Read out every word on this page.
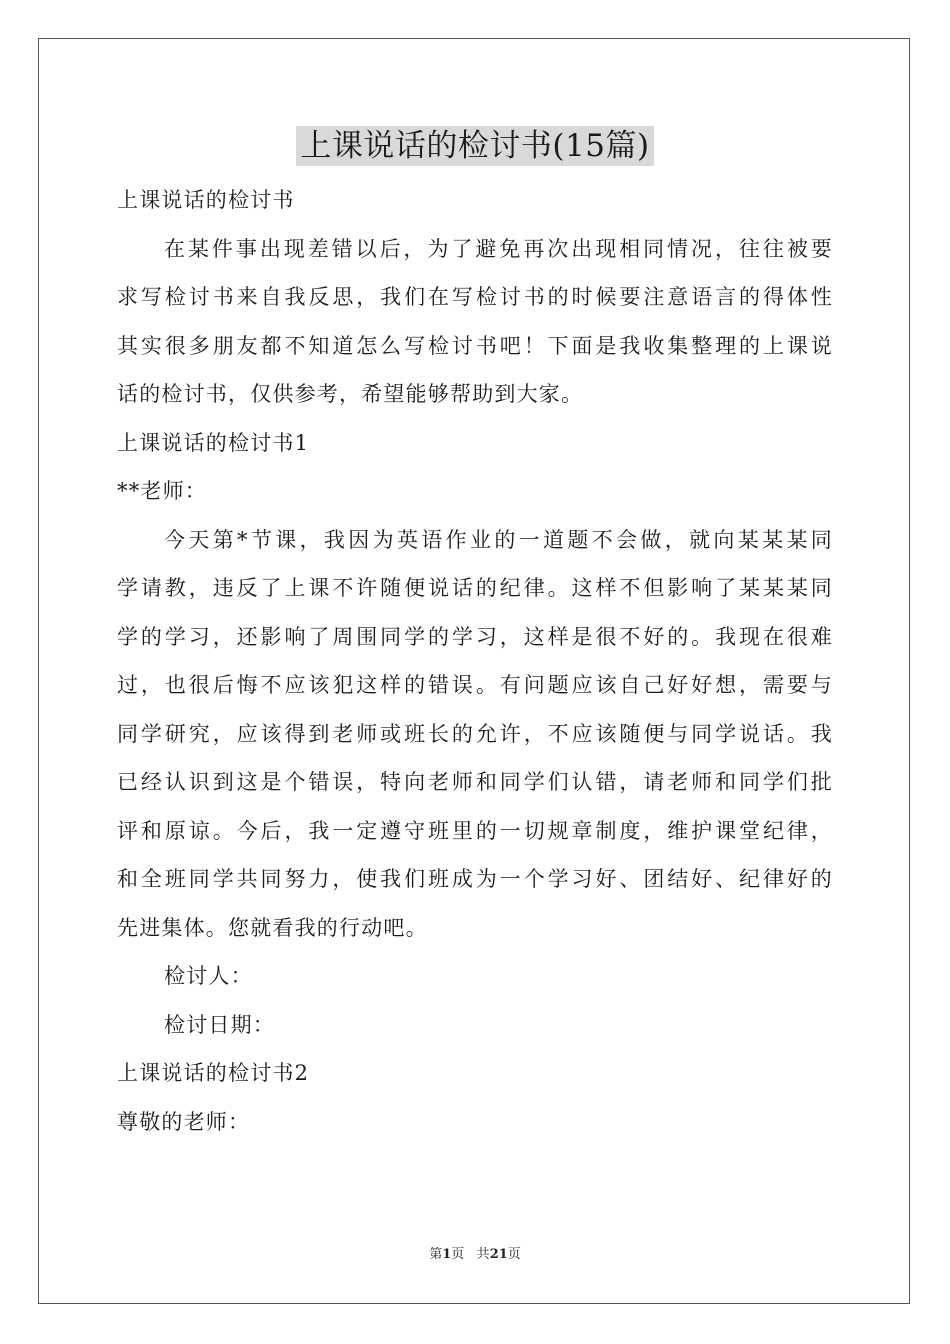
上课说话的检讨书(15篇)
上课说话的检讨书
在某件事出现差错以后，为了避免再次出现相同情况，往往被要
求写检讨书来自我反思，我们在写检讨书的时候要注意语言的得体性
其实很多朋友都不知道怎么写检讨书吧！下面是我收集整理的上课说
话的检讨书，仅供参考，希望能够帮助到大家。
上课说话的检讨书1
**老师：
今天第*节课，我因为英语作业的一道题不会做，就向某某某同
学请教，违反了上课不许随便说话的纪律。这样不但影响了某某某同
学的学习，还影响了周围同学的学习，这样是很不好的。我现在很难
过，也很后悔不应该犯这样的错误。有问题应该自己好好想，需要与
同学研究，应该得到老师或班长的允许，不应该随便与同学说话。我
已经认识到这是个错误，特向老师和同学们认错，请老师和同学们批
评和原谅。今后，我一定遵守班里的一切规章制度，维护课堂纪律，
和全班同学共同努力，使我们班成为一个学习好、团结好、纪律好的
先进集体。您就看我的行动吧。
检讨人：
检讨日期：
上课说话的检讨书2
尊敬的老师：
第1页 共21页
